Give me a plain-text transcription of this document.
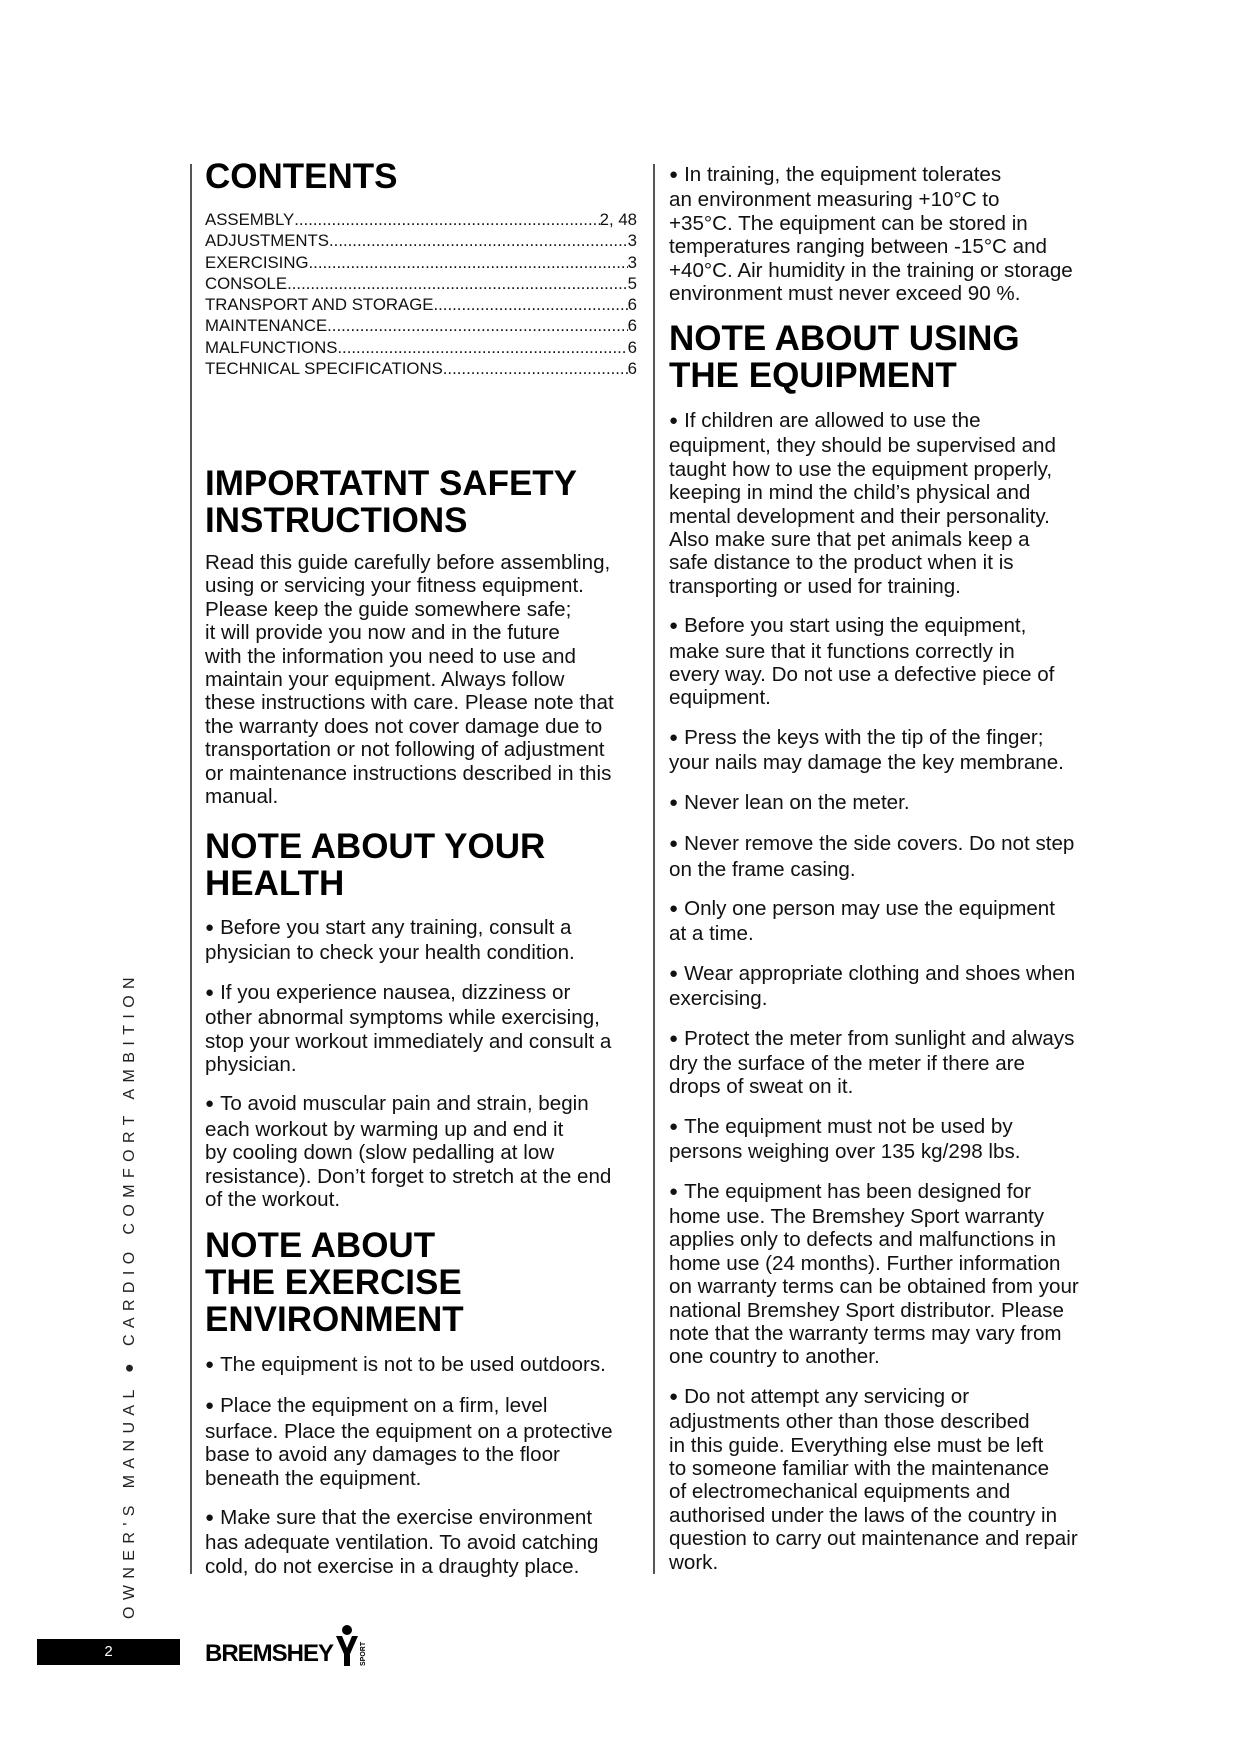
CONTENTS
ASSEMBLY .....	2, 48
ADJUSTMENTS .....	3
EXERCISING .....	3
CONSOLE .....	5
TRANSPORT AND STORAGE .....	6
MAINTENANCE .....	6
MALFUNCTIONS .....	6
TECHNICAL SPECIFICATIONS .....	6
IMPORTATNT SAFETY
INSTRUCTIONS

Read this guide carefully before assembling,
using or servicing your fitness equipment.
Please keep the guide somewhere safe;
it will provide you now and in the future
with the information you need to use and
maintain your equipment. Always follow
these instructions with care. Please note that
the warranty does not cover damage due to
transportation or not following of adjustment
or maintenance instructions described in this
manual.

NOTE ABOUT YOUR
HEALTH

● Before you start any training, consult a
physician to check your health condition.

● If you experience nausea, dizziness or
other abnormal symptoms while exercising,
stop your workout immediately and consult a
physician.

● To avoid muscular pain and strain, begin
each workout by warming up and end it
by cooling down (slow pedalling at low
resistance). Don’t forget to stretch at the end
of the workout.

NOTE ABOUT
THE EXERCISE
ENVIRONMENT

● The equipment is not to be used outdoors.

● Place the equipment on a firm, level
surface. Place the equipment on a protective
base to avoid any damages to the floor
beneath the equipment.

● Make sure that the exercise environment
has adequate ventilation. To avoid catching
cold, do not exercise in a draughty place.

● In training, the equipment tolerates
an environment measuring +10°C to
+35°C. The equipment can be stored in
temperatures ranging between -15°C and
+40°C. Air humidity in the training or storage
environment must never exceed 90 %.

NOTE ABOUT USING
THE EQUIPMENT

● If children are allowed to use the
equipment, they should be supervised and
taught how to use the equipment properly,
keeping in mind the child’s physical and
mental development and their personality.
Also make sure that pet animals keep a
safe distance to the product when it is
transporting or used for training.

● Before you start using the equipment,
make sure that it functions correctly in
every way. Do not use a defective piece of
equipment.

● Press the keys with the tip of the finger;
your nails may damage the key membrane.

● Never lean on the meter.

● Never remove the side covers. Do not step
on the frame casing.

● Only one person may use the equipment
at a time.

● Wear appropriate clothing and shoes when
exercising.

● Protect the meter from sunlight and always
dry the surface of the meter if there are
drops of sweat on it.

● The equipment must not be used by
persons weighing over 135 kg/298 lbs.

● The equipment has been designed for
home use. The Bremshey Sport warranty
applies only to defects and malfunctions in
home use (24 months). Further information
on warranty terms can be obtained from your
national Bremshey Sport distributor. Please
note that the warranty terms may vary from
one country to another.

● Do not attempt any servicing or
adjustments other than those described
in this guide. Everything else must be left
to someone familiar with the maintenance
of electromechanical equipments and
authorised under the laws of the country in
question to carry out maintenance and repair
work.

OWNER'S MANUAL ● CARDIO COMFORT AMBITION
2	BREMSHEY	SPORT
